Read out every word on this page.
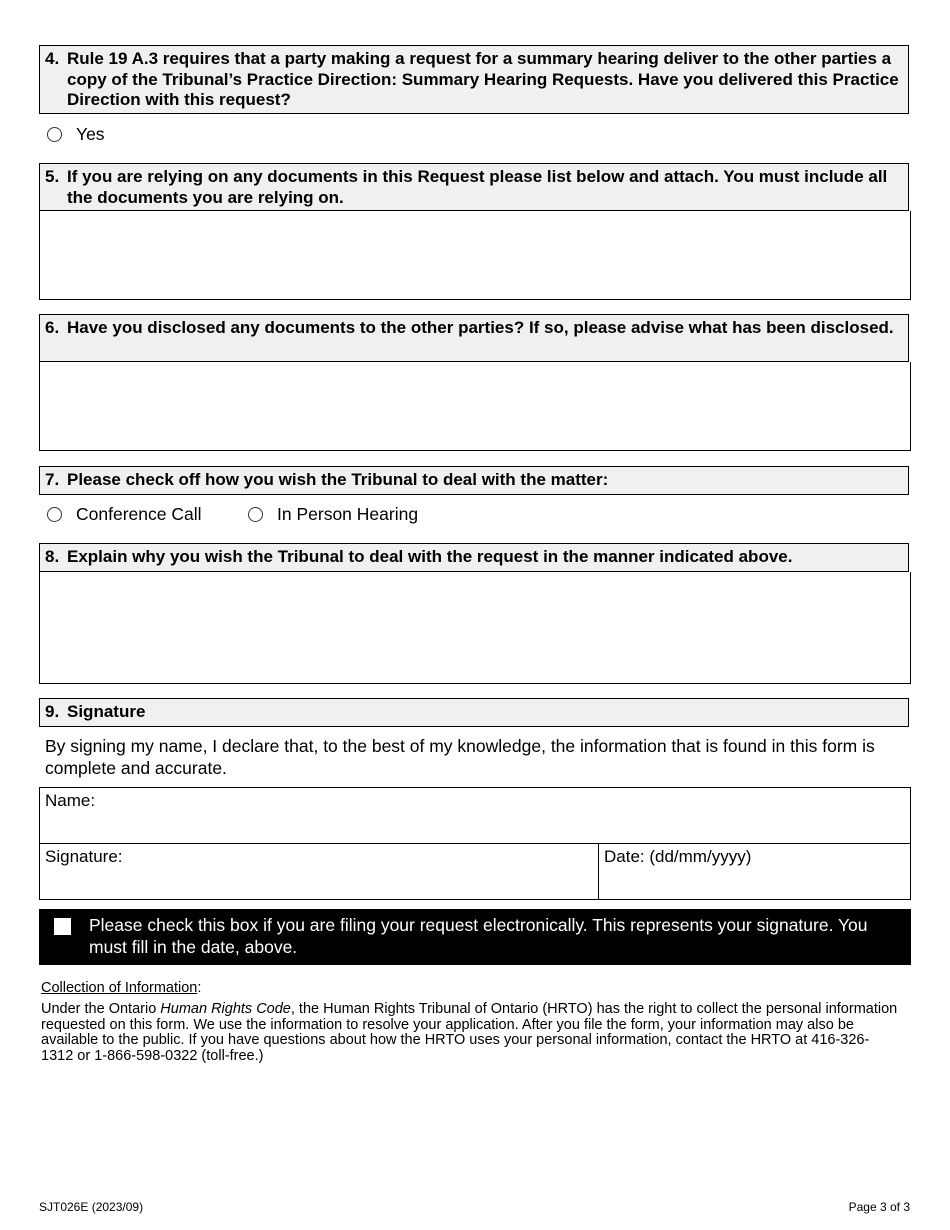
4. Rule 19 A.3 requires that a party making a request for a summary hearing deliver to the other parties a copy of the Tribunal’s Practice Direction: Summary Hearing Requests. Have you delivered this Practice Direction with this request?
Yes
5. If you are relying on any documents in this Request please list below and attach. You must include all the documents you are relying on.
6. Have you disclosed any documents to the other parties? If so, please advise what has been disclosed.
7. Please check off how you wish the Tribunal to deal with the matter:
Conference Call	In Person Hearing
8. Explain why you wish the Tribunal to deal with the request in the manner indicated above.
9. Signature
By signing my name, I declare that, to the best of my knowledge, the information that is found in this form is complete and accurate.
Name:
Signature:	Date: (dd/mm/yyyy)
Please check this box if you are filing your request electronically. This represents your signature. You must fill in the date, above.
Collection of Information:
Under the Ontario Human Rights Code, the Human Rights Tribunal of Ontario (HRTO) has the right to collect the personal information requested on this form. We use the information to resolve your application. After you file the form, your information may also be available to the public. If you have questions about how the HRTO uses your personal information, contact the HRTO at 416-326-1312 or 1-866-598-0322 (toll-free.)
SJT026E (2023/09)	Page 3 of 3
